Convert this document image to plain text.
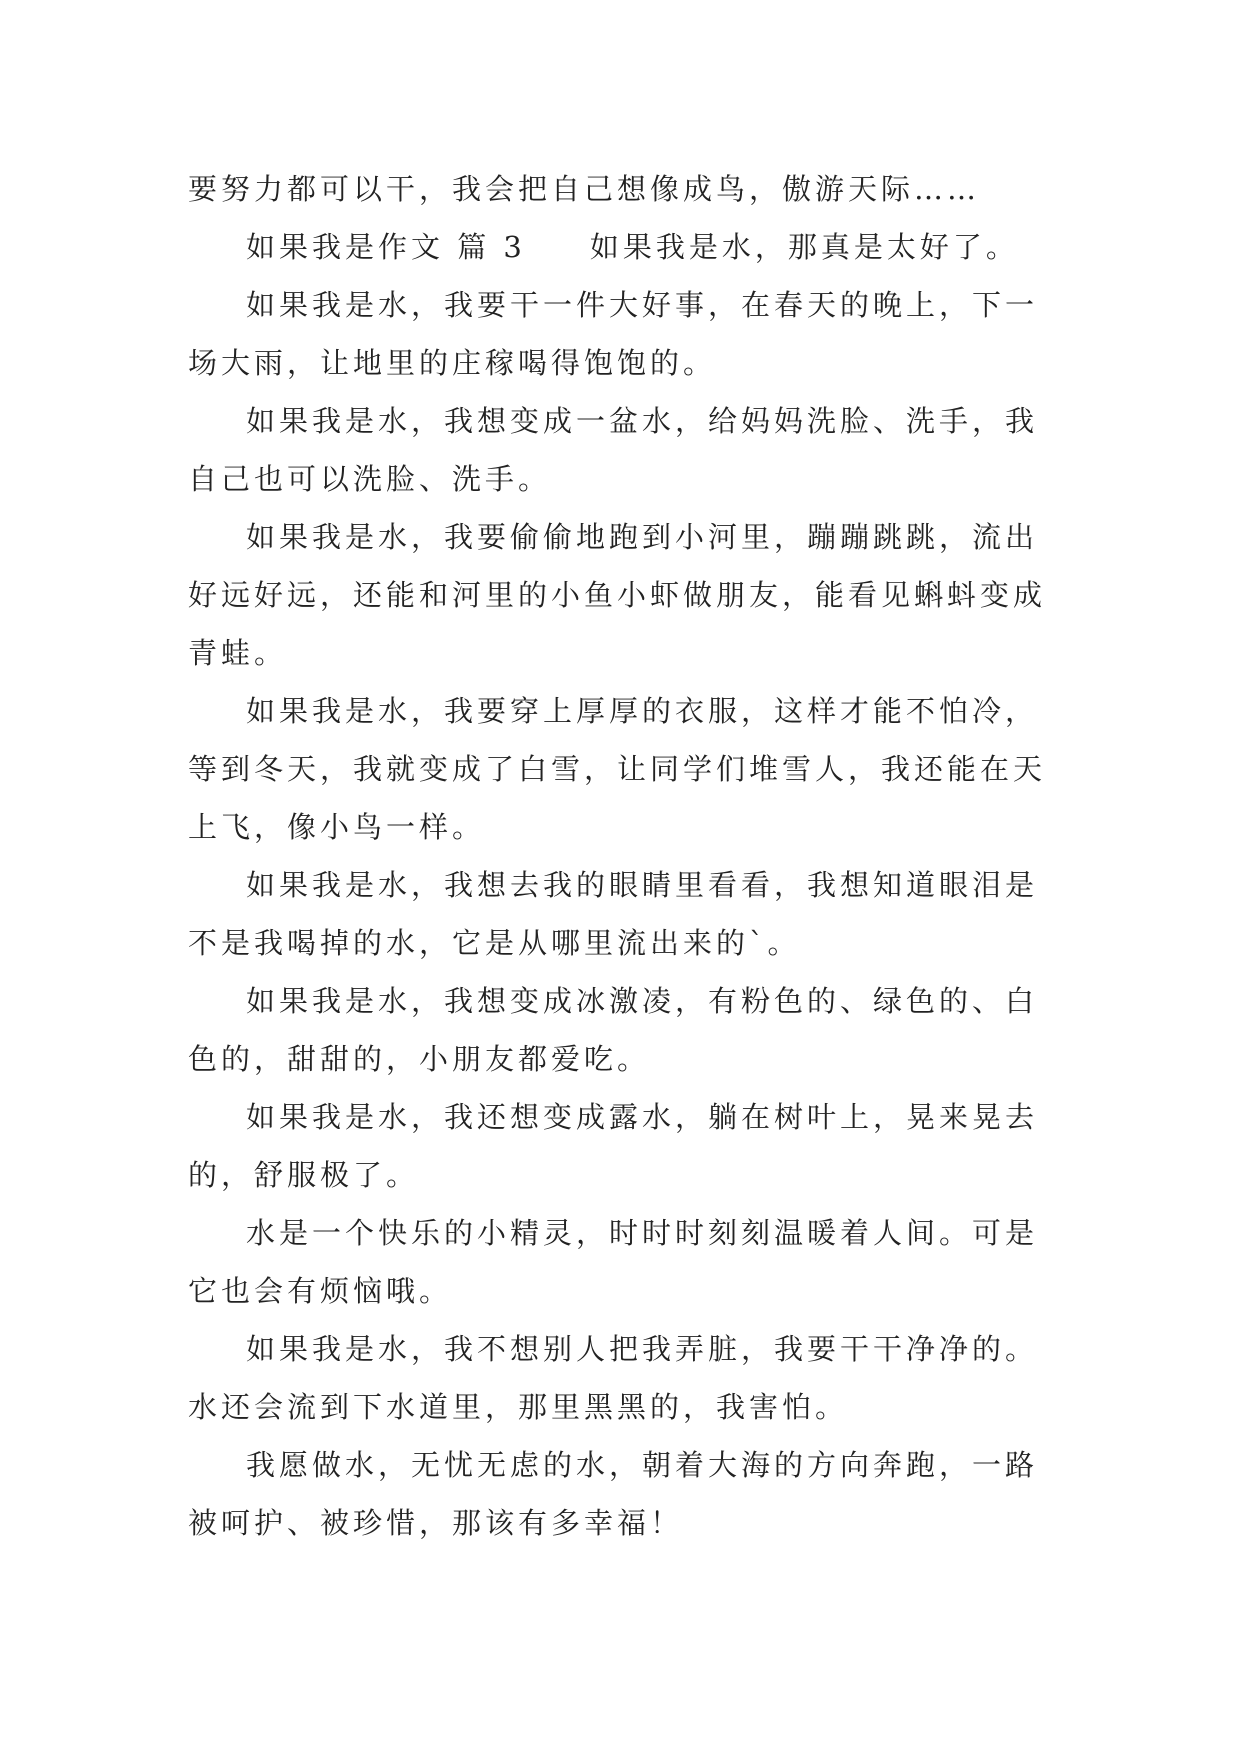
要努力都可以干，我会把自己想像成鸟，傲游天际……

如果我是作文 篇 3 如果我是水，那真是太好了。

如果我是水，我要干一件大好事，在春天的晚上，下一场大雨，让地里的庄稼喝得饱饱的。

如果我是水，我想变成一盆水，给妈妈洗脸、洗手，我自己也可以洗脸、洗手。

如果我是水，我要偷偷地跑到小河里，蹦蹦跳跳，流出好远好远，还能和河里的小鱼小虾做朋友，能看见蝌蚪变成青蛙。

如果我是水，我要穿上厚厚的衣服，这样才能不怕冷，等到冬天，我就变成了白雪，让同学们堆雪人，我还能在天上飞，像小鸟一样。

如果我是水，我想去我的眼睛里看看，我想知道眼泪是不是我喝掉的水，它是从哪里流出来的`。

如果我是水，我想变成冰激凌，有粉色的、绿色的、白色的，甜甜的，小朋友都爱吃。

如果我是水，我还想变成露水，躺在树叶上，晃来晃去的，舒服极了。

水是一个快乐的小精灵，时时时刻刻温暖着人间。可是它也会有烦恼哦。

如果我是水，我不想别人把我弄脏，我要干干净净的。水还会流到下水道里，那里黑黑的，我害怕。

我愿做水，无忧无虑的水，朝着大海的方向奔跑，一路被呵护、被珍惜，那该有多幸福！
